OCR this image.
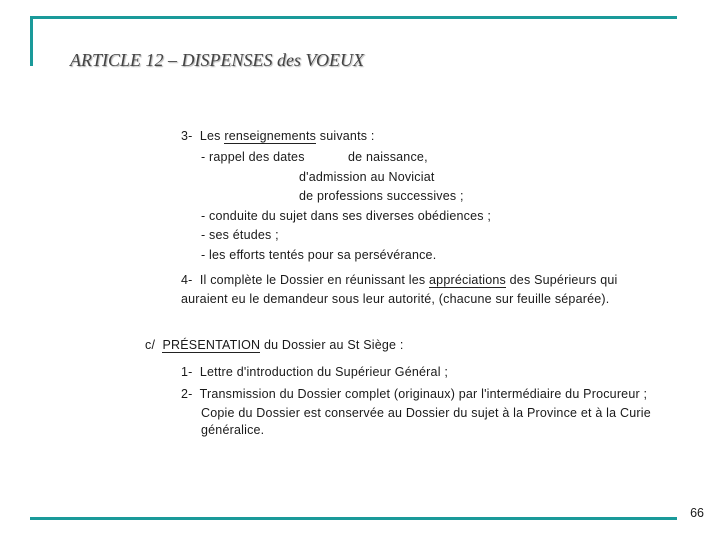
ARTICLE 12 – DISPENSES des VOEUX
3- Les renseignements suivants :
- rappel des dates	de naissance,
d'admission au Noviciat
de professions successives ;
- conduite du sujet dans ses diverses obédiences ;
- ses études ;
- les efforts tentés pour sa persévérance.
4- Il complète le Dossier en réunissant les appréciations des Supérieurs qui
auraient eu le demandeur sous leur autorité, (chacune sur feuille séparée).
c/ PRÉSENTATION du Dossier au St Siège :
1- Lettre d'introduction du Supérieur Général ;
2- Transmission du Dossier complet (originaux) par l'intermédiaire du Procureur ;
Copie du Dossier est conservée au Dossier du sujet à la Province et à la Curie
généralice.
66
